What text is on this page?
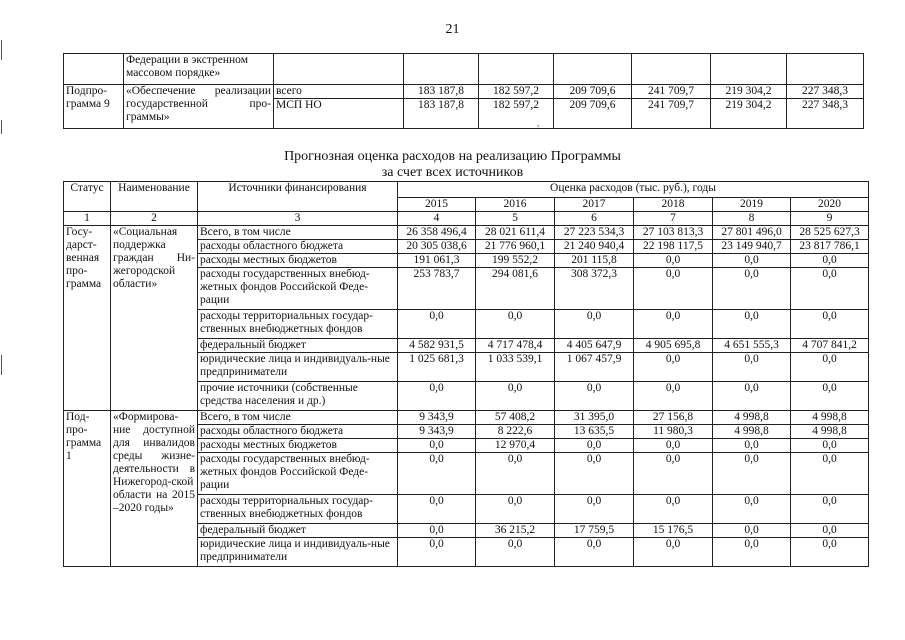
21
	Федерации в экстренном массовом порядке»							
Подпро-грамма 9	«Обеспечение реализации государственной про-граммы»	всего	183 187,8	182 597,2	209 709,6	241 709,7	219 304,2	227 348,3
		МСП НО	183 187,8	182 597,2	209 709,6	241 709,7	219 304,2	227 348,3
,
Прогнозная оценка расходов на реализацию Программы
за счет всех источников
Статус	Наименование	Источники финансирования	Оценка расходов (тыс. руб.), годы					
			2015	2016	2017	2018	2019	2020
1	2	3	4	5	6	7	8	9
Госу-дарст-венная про-грамма	«Социальная поддержка граждан Ни-жегородской области»	Всего, в том числе	26 358 496,4	28 021 611,4	27 223 534,3	27 103 813,3	27 801 496,0	28 525 627,3
		расходы областного бюджета	20 305 038,6	21 776 960,1	21 240 940,4	22 198 117,5	23 149 940,7	23 817 786,1
		расходы местных бюджетов	191 061,3	199 552,2	201 115,8	0,0	0,0	0,0
		расходы государственных внебюд-жетных фондов Российской Феде-рации	253 783,7	294 081,6	308 372,3	0,0	0,0	0,0
		расходы территориальных государ-ственных внебюджетных фондов	0,0	0,0	0,0	0,0	0,0	0,0
		федеральный бюджет	4 582 931,5	4 717 478,4	4 405 647,9	4 905 695,8	4 651 555,3	4 707 841,2
		юридические лица и индивидуаль-ные предприниматели	1 025 681,3	1 033 539,1	1 067 457,9	0,0	0,0	0,0
		прочие источники (собственные средства населения и др.)	0,0	0,0	0,0	0,0	0,0	0,0
Под-про-грамма 1	«Формирова-ние доступной для инвалидов среды жизне-деятельности в Нижегород-ской области на 2015 –2020 годы»	Всего, в том числе	9 343,9	57 408,2	31 395,0	27 156,8	4 998,8	4 998,8
		расходы областного бюджета	9 343,9	8 222,6	13 635,5	11 980,3	4 998,8	4 998,8
		расходы местных бюджетов	0,0	12 970,4	0,0	0,0	0,0	0,0
		расходы государственных внебюд-жетных фондов Российской Феде-рации	0,0	0,0	0,0	0,0	0,0	0,0
		расходы территориальных государ-ственных внебюджетных фондов	0,0	0,0	0,0	0,0	0,0	0,0
		федеральный бюджет	0,0	36 215,2	17 759,5	15 176,5	0,0	0,0
		юридические лица и индивидуаль-ные предприниматели	0,0	0,0	0,0	0,0	0,0	0,0
